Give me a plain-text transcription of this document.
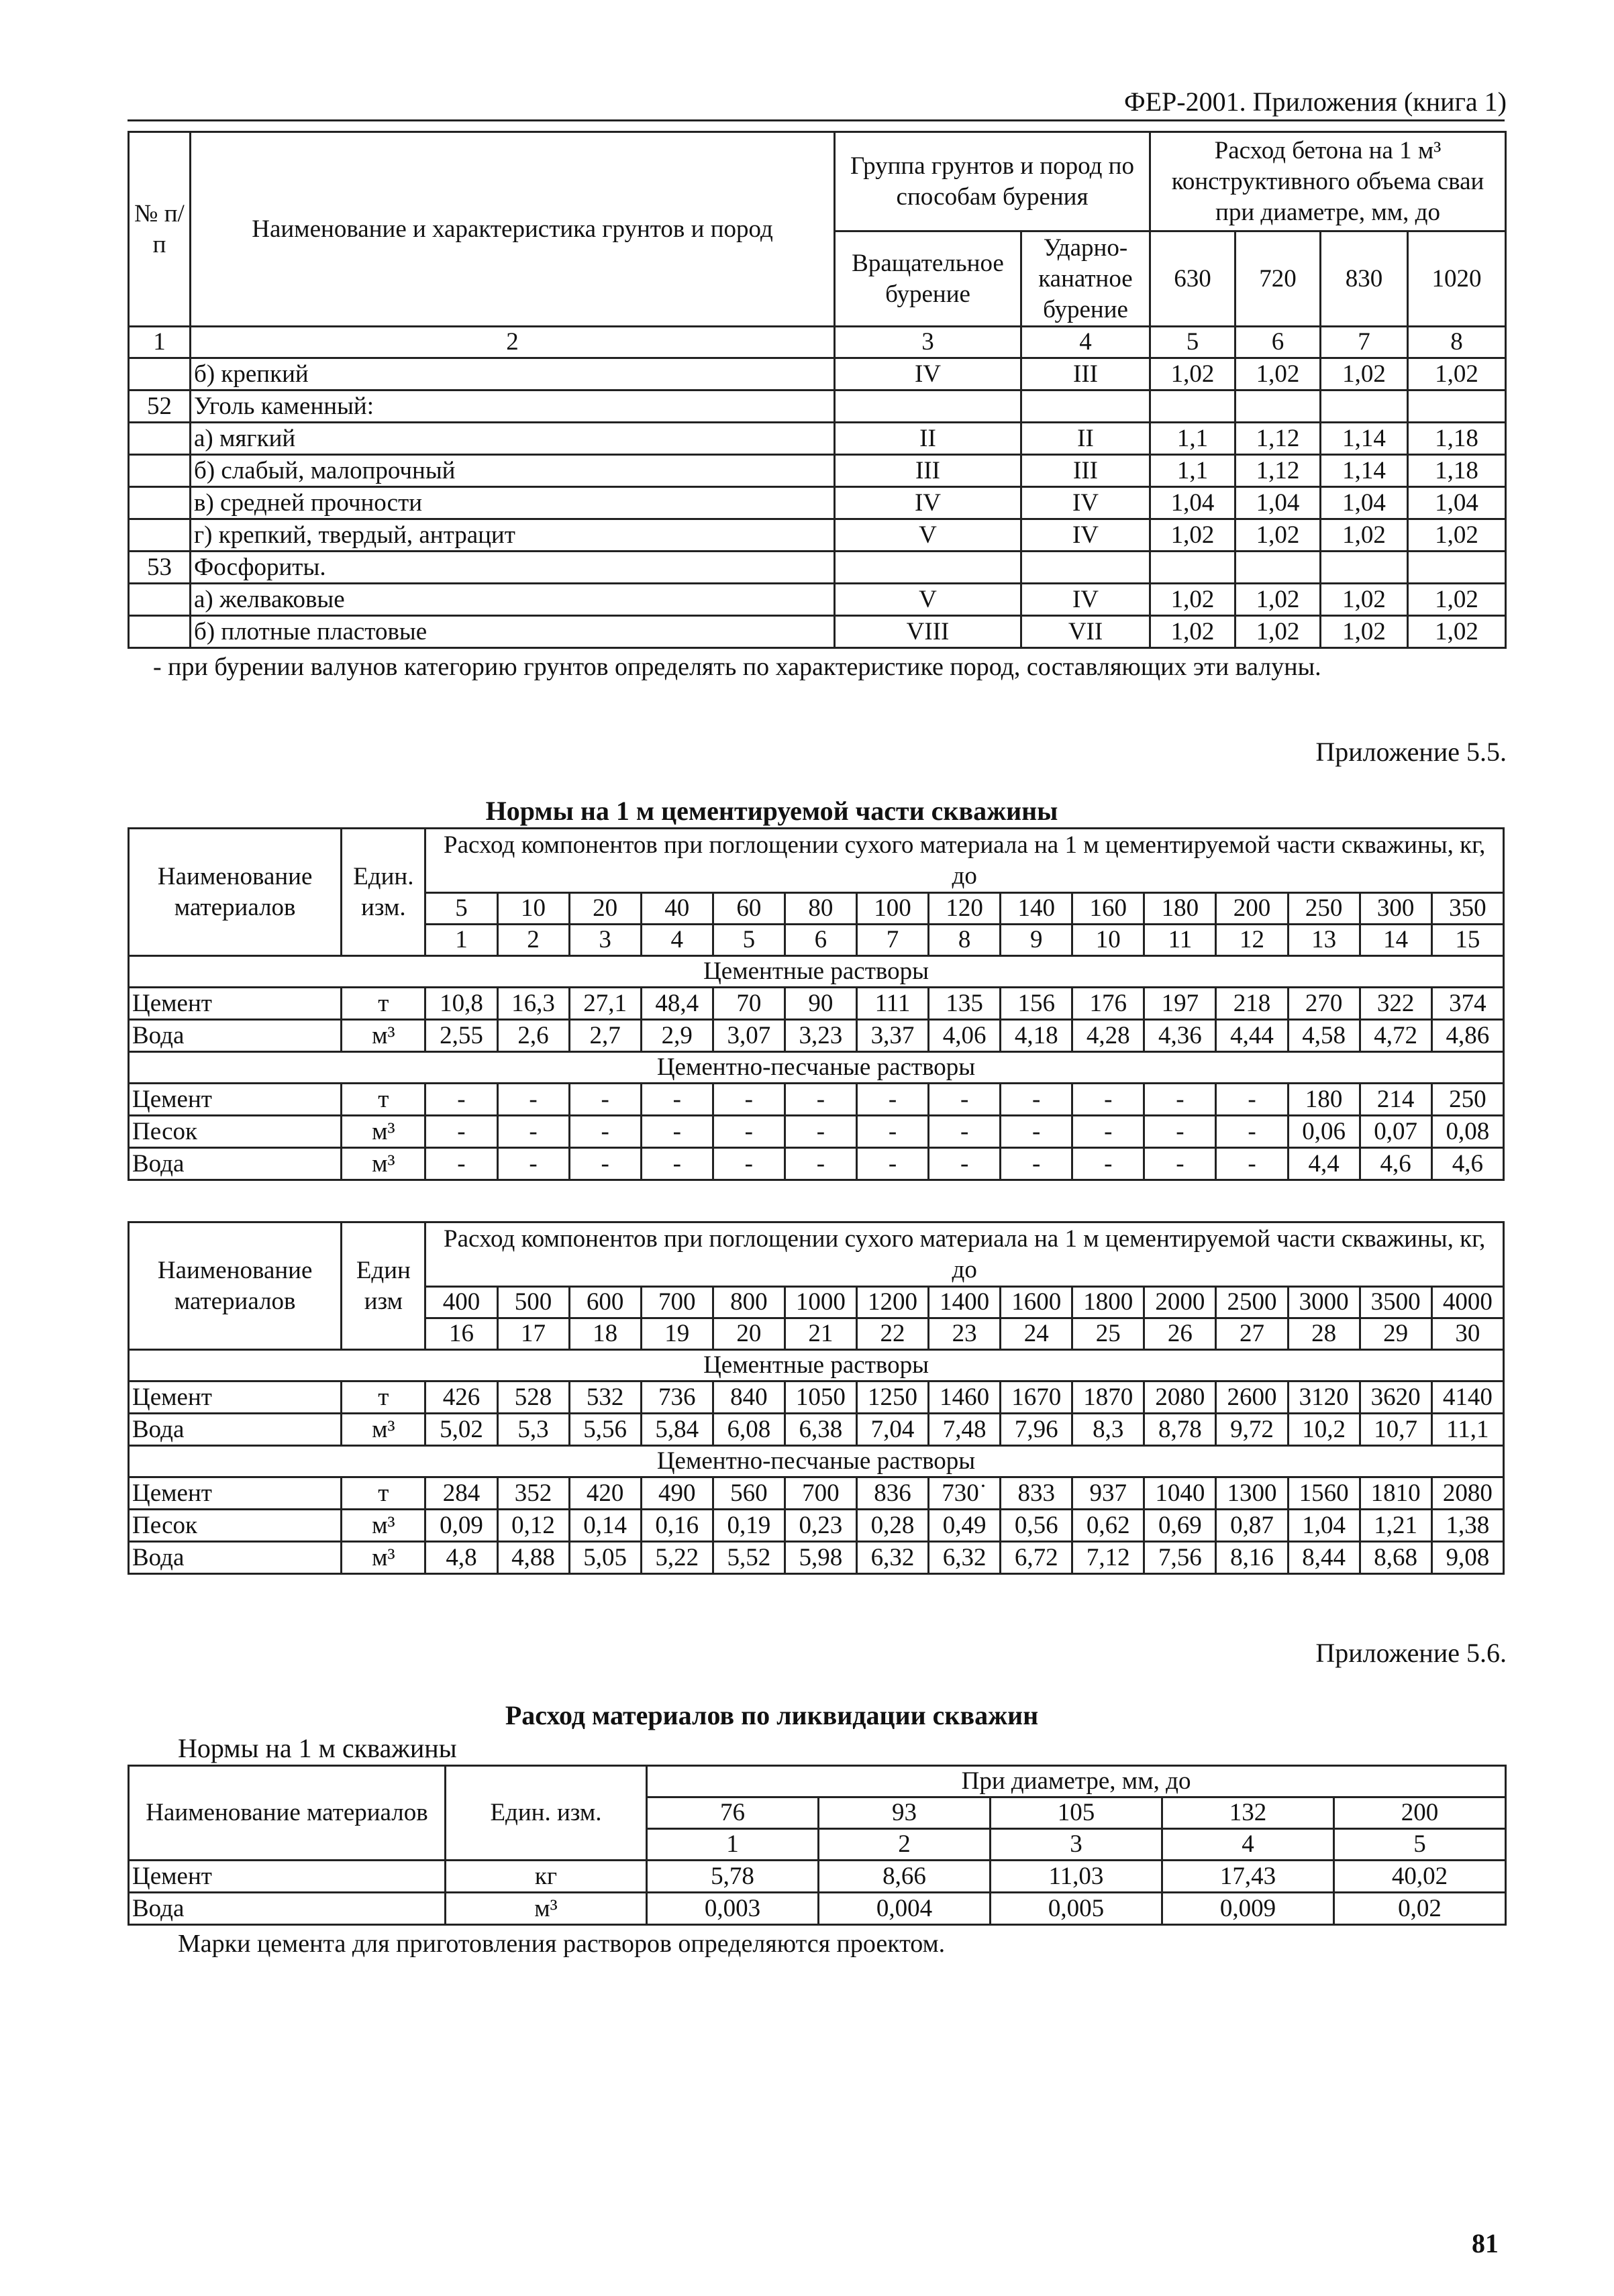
ФЕР-2001. Приложения (книга 1)
№ п/п	Наименование и характеристика грунтов и пород	Группа грунтов и пород по способам бурения		Расход бетона на 1 м³ конструктивного объема сваи при диаметре, мм, до			
		Вращательное бурение	Ударно-канатное бурение	630	720	830	1020
1	2	3	4	5	6	7	8
	б) крепкий	IV	III	1,02	1,02	1,02	1,02
52	Уголь каменный:						
	а) мягкий	II	II	1,1	1,12	1,14	1,18
	б) слабый, малопрочный	III	III	1,1	1,12	1,14	1,18
	в) средней прочности	IV	IV	1,04	1,04	1,04	1,04
	г) крепкий, твердый, антрацит	V	IV	1,02	1,02	1,02	1,02
53	Фосфориты.						
	а) желваковые	V	IV	1,02	1,02	1,02	1,02
	б) плотные пластовые	VIII	VII	1,02	1,02	1,02	1,02
- при бурении валунов категорию грунтов определять по характеристике пород, составляющих эти валуны.
Приложение 5.5.
Нормы на 1 м цементируемой части скважины
Наименование материалов	Един. изм.	Расход компонентов при поглощении сухого материала на 1 м цементируемой части скважины, кг, до														
		5	10	20	40	60	80	100	120	140	160	180	200	250	300	350
		1	2	3	4	5	6	7	8	9	10	11	12	13	14	15

Цементные растворы																
Цемент	т	10,8	16,3	27,1	48,4	70	90	111	135	156	176	197	218	270	322	374
Вода	м³	2,55	2,6	2,7	2,9	3,07	3,23	3,37	4,06	4,18	4,28	4,36	4,44	4,58	4,72	4,86
Цементно-песчаные растворы																
Цемент	т	-	-	-	-	-	-	-	-	-	-	-	-	180	214	250
Песок	м³	-	-	-	-	-	-	-	-	-	-	-	-	0,06	0,07	0,08
Вода	м³	-	-	-	-	-	-	-	-	-	-	-	-	4,4	4,6	4,6
Наименование материалов	Един изм	Расход компонентов при поглощении сухого материала на 1 м цементируемой части скважины, кг, до														
		400	500	600	700	800	1000	1200	1400	1600	1800	2000	2500	3000	3500	4000
		16	17	18	19	20	21	22	23	24	25	26	27	28	29	30

Цементные растворы																
Цемент	т	426	528	532	736	840	1050	1250	1460	1670	1870	2080	2600	3120	3620	4140
Вода	м³	5,02	5,3	5,56	5,84	6,08	6,38	7,04	7,48	7,96	8,3	8,78	9,72	10,2	10,7	11,1
Цементно-песчаные растворы																
Цемент	т	284	352	420	490	560	700	836	730˙	833	937	1040	1300	1560	1810	2080
Песок	м³	0,09	0,12	0,14	0,16	0,19	0,23	0,28	0,49	0,56	0,62	0,69	0,87	1,04	1,21	1,38
Вода	м³	4,8	4,88	5,05	5,22	5,52	5,98	6,32	6,32	6,72	7,12	7,56	8,16	8,44	8,68	9,08
Приложение 5.6.
Расход материалов по ликвидации скважин
Нормы на 1 м скважины
Наименование материалов	Един. изм.	При диаметре, мм, до				
		76	93	105	132	200
		1	2	3	4	5
Цемент	кг	5,78	8,66	11,03	17,43	40,02
Вода	м³	0,003	0,004	0,005	0,009	0,02
Марки цемента для приготовления растворов определяются проектом.
81
